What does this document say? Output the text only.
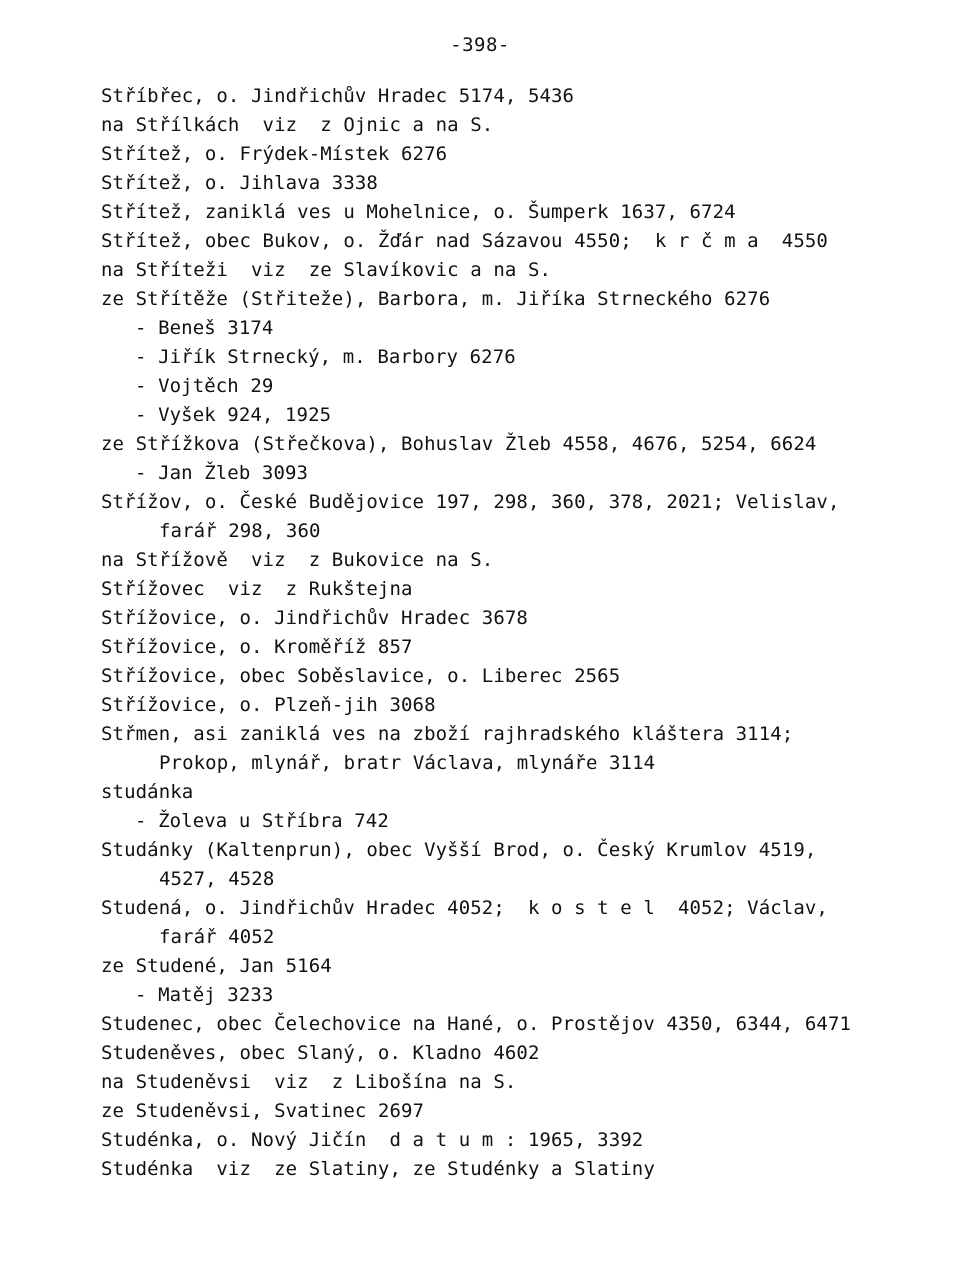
-398-
Stříbřec, o. Jindřichův Hradec 5174, 5436
na Střílkách  viz  z Ojnic a na S.
Střítež, o. Frýdek-Místek 6276
Střítež, o. Jihlava 3338
Střítež, zaniklá ves u Mohelnice, o. Šumperk 1637, 6724
Střítež, obec Bukov, o. Žďár nad Sázavou 4550;  k r č m a  4550
na Stříteži  viz  ze Slavíkovic a na S.
ze Střítěže (Střiteže), Barbora, m. Jiříka Strneckého 6276
- Beneš 3174
- Jiřík Strnecký, m. Barbory 6276
- Vojtěch 29
- Vyšek 924, 1925
ze Střížkova (Střečkova), Bohuslav Žleb 4558, 4676, 5254, 6624
- Jan Žleb 3093
Střížov, o. České Budějovice 197, 298, 360, 378, 2021; Velislav,
farář 298, 360
na Střížově  viz  z Bukovice na S.
Střížovec  viz  z Rukštejna
Střížovice, o. Jindřichův Hradec 3678
Střížovice, o. Kroměříž 857
Střížovice, obec Soběslavice, o. Liberec 2565
Střížovice, o. Plzeň-jih 3068
Střmen, asi zaniklá ves na zboží rajhradského kláštera 3114;
Prokop, mlynář, bratr Václava, mlynáře 3114
studánka
- Žoleva u Stříbra 742
Studánky (Kaltenprun), obec Vyšší Brod, o. Český Krumlov 4519,
4527, 4528
Studená, o. Jindřichův Hradec 4052;  k o s t e l  4052; Václav,
farář 4052
ze Studené, Jan 5164
- Matěj 3233
Studenec, obec Čelechovice na Hané, o. Prostějov 4350, 6344, 6471
Studeněves, obec Slaný, o. Kladno 4602
na Studeněvsi  viz  z Libošína na S.
ze Studeněvsi, Svatinec 2697
Studénka, o. Nový Jičín  d a t u m : 1965, 3392
Studénka  viz  ze Slatiny, ze Studénky a Slatiny
